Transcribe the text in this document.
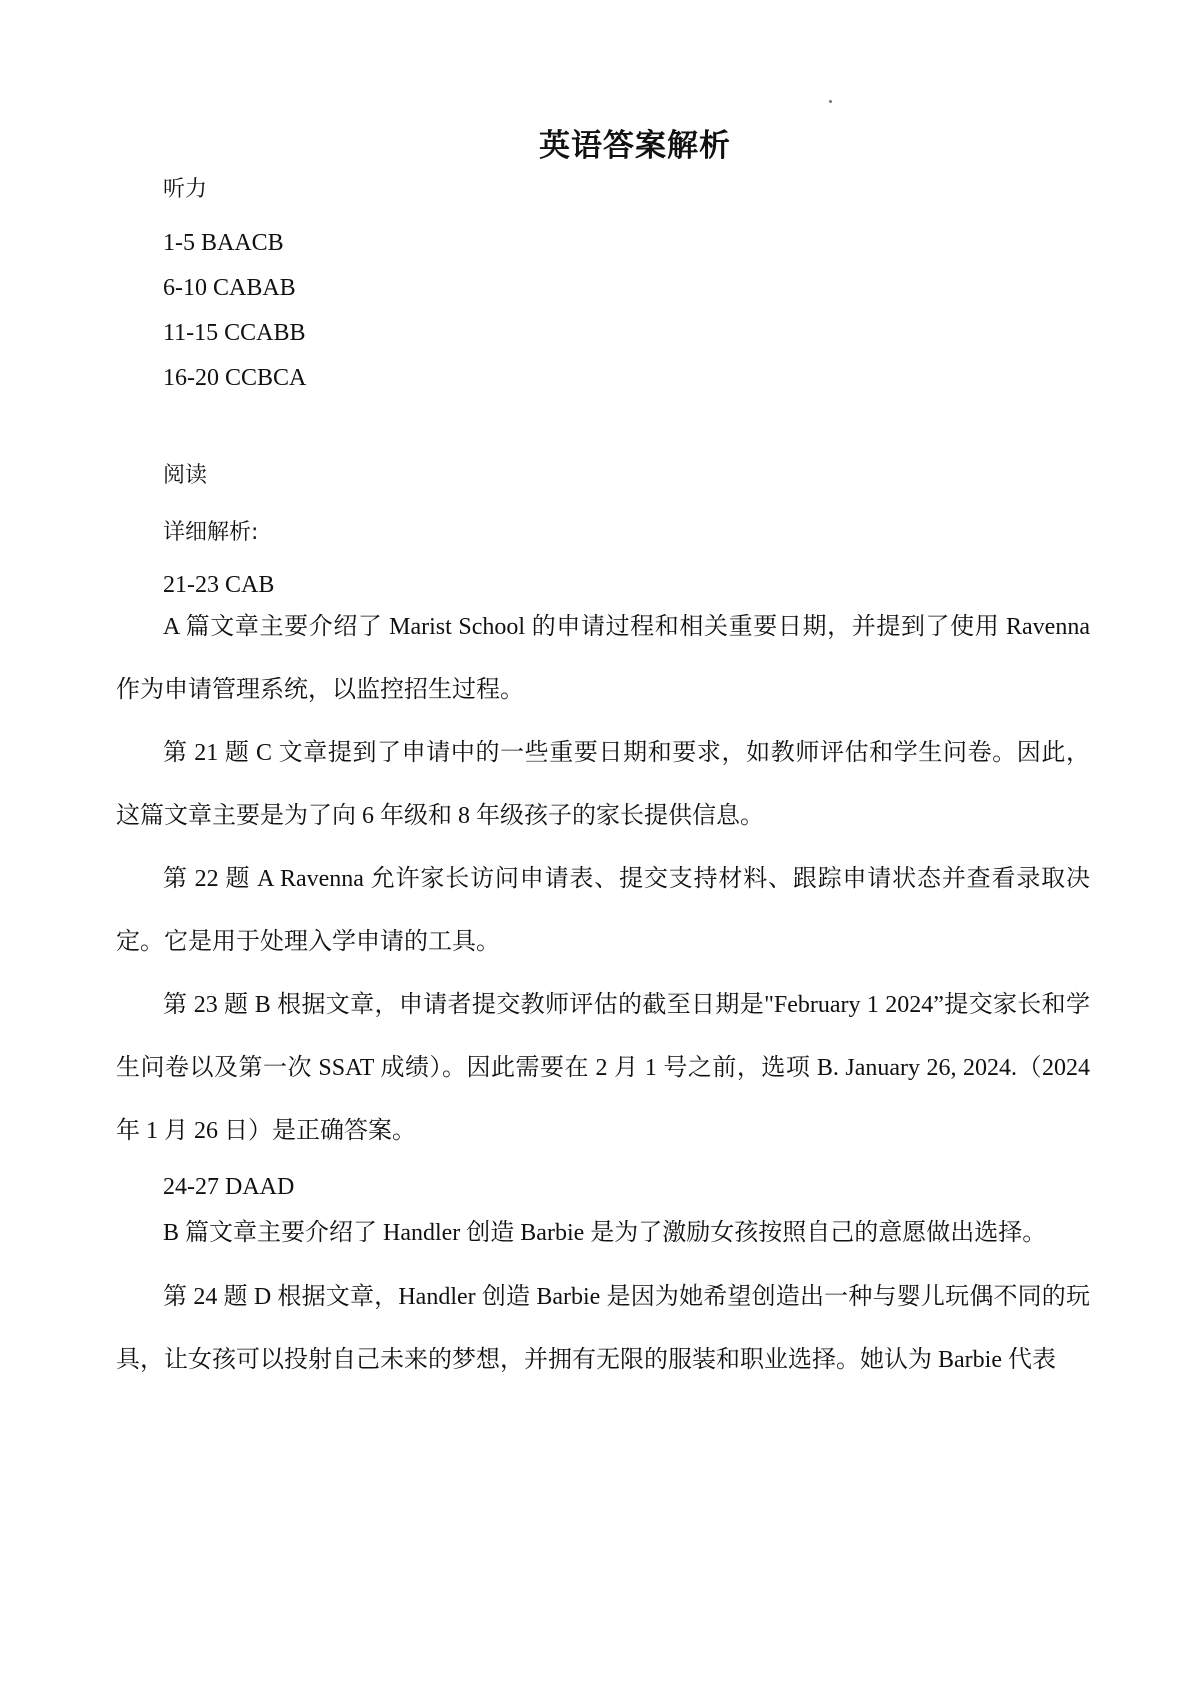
英语答案解析
听力
1-5 BAACB
6-10 CABAB
11-15 CCABB
16-20 CCBCA
阅读
详细解析:
21-23 CAB
A 篇文章主要介绍了 Marist School 的申请过程和相关重要日期，并提到了使用 Ravenna 作为申请管理系统，以监控招生过程。
第 21 题 C 文章提到了申请中的一些重要日期和要求，如教师评估和学生问卷。因此，这篇文章主要是为了向 6 年级和 8 年级孩子的家长提供信息。
第 22 题 A Ravenna 允许家长访问申请表、提交支持材料、跟踪申请状态并查看录取决定。它是用于处理入学申请的工具。
第 23 题 B 根据文章，申请者提交教师评估的截至日期是"February 1 2024”提交家长和学生问卷以及第一次 SSAT 成绩）。因此需要在 2 月 1 号之前，选项 B. January 26, 2024.（2024 年 1 月 26 日）是正确答案。
24-27 DAAD
B 篇文章主要介绍了 Handler 创造 Barbie 是为了激励女孩按照自己的意愿做出选择。
第 24 题 D 根据文章，Handler 创造 Barbie 是因为她希望创造出一种与婴儿玩偶不同的玩具，让女孩可以投射自己未来的梦想，并拥有无限的服装和职业选择。她认为 Barbie 代表
